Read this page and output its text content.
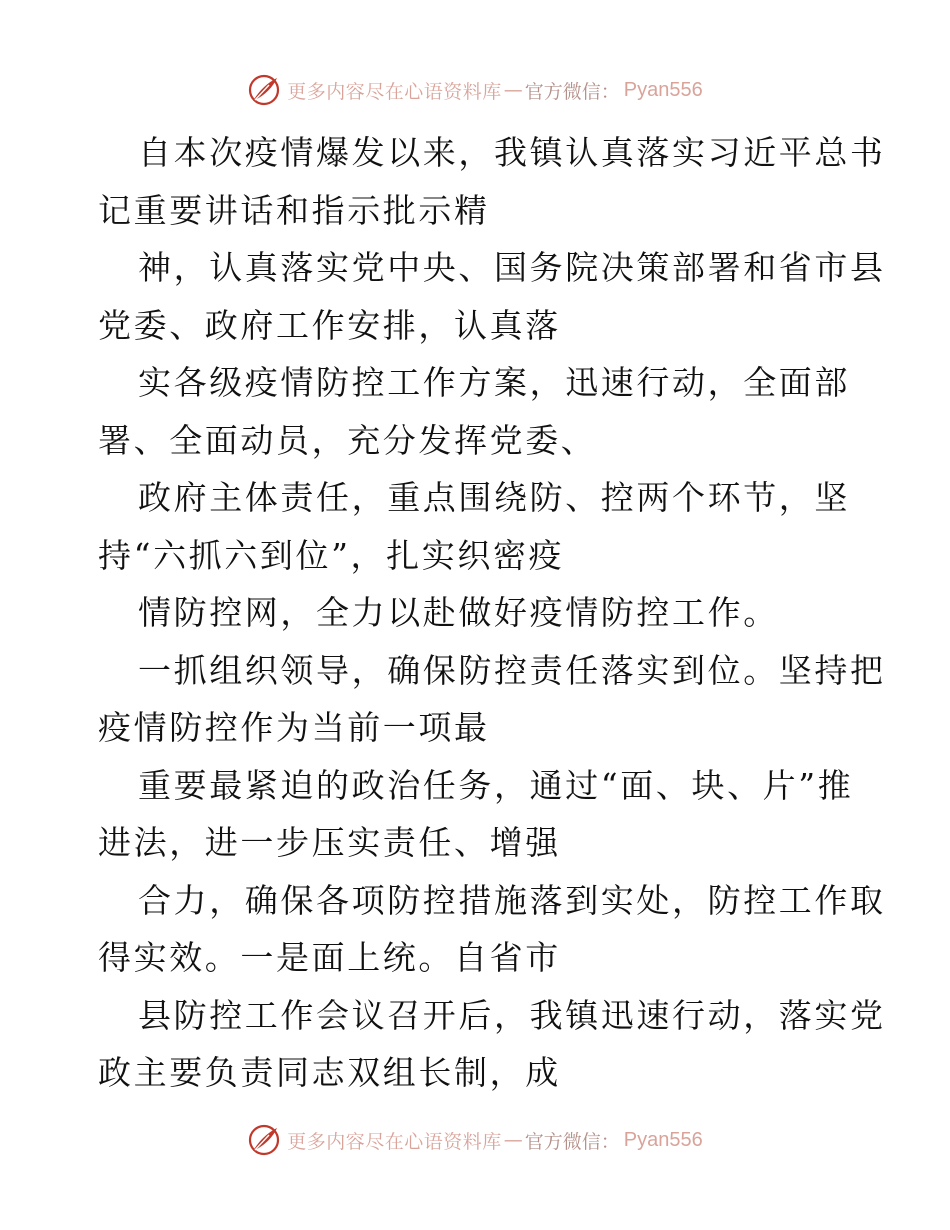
更多内容尽在心语资料库 — 官方微信： Pyan556
自本次疫情爆发以来，我镇认真落实习近平总书
记重要讲话和指示批示精
神，认真落实党中央、国务院决策部署和省市县
党委、政府工作安排，认真落
实各级疫情防控工作方案，迅速行动，全面部
署、全面动员，充分发挥党委、
政府主体责任，重点围绕防、控两个环节，坚
持“六抓六到位”，扎实织密疫
情防控网，全力以赴做好疫情防控工作。
一抓组织领导，确保防控责任落实到位。坚持把
疫情防控作为当前一项最
重要最紧迫的政治任务，通过“面、块、片”推
进法，进一步压实责任、增强
合力，确保各项防控措施落到实处，防控工作取
得实效。一是面上统。自省市
县防控工作会议召开后，我镇迅速行动，落实党
政主要负责同志双组长制，成
更多内容尽在心语资料库 — 官方微信： Pyan556
